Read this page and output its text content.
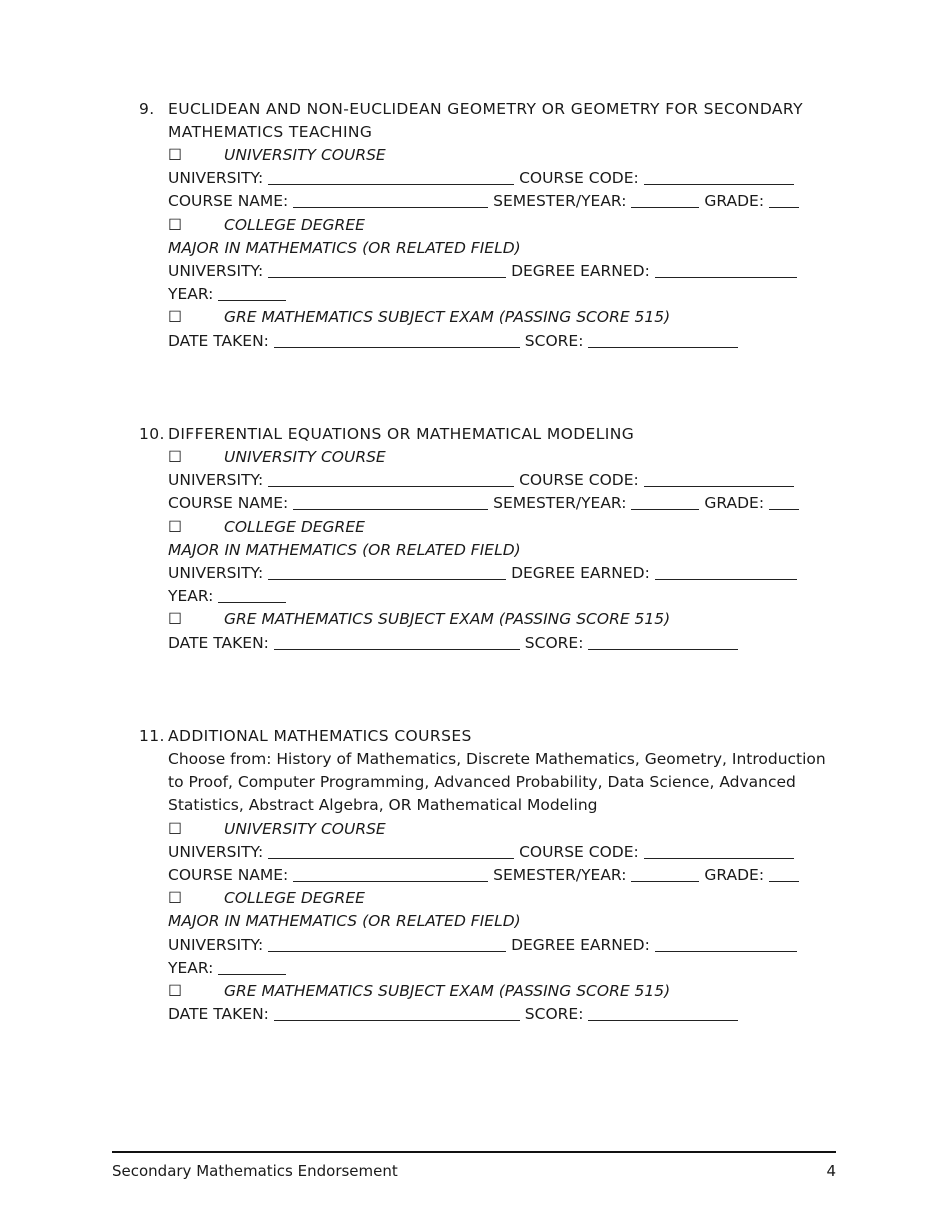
9. EUCLIDEAN AND NON-EUCLIDEAN GEOMETRY OR GEOMETRY FOR SECONDARY MATHEMATICS TEACHING
☐	UNIVERSITY COURSE
UNIVERSITY:	COURSE CODE:
COURSE NAME:	SEMESTER/YEAR:	GRADE:
☐	COLLEGE DEGREE
MAJOR IN MATHEMATICS (OR RELATED FIELD)
UNIVERSITY:	DEGREE EARNED:
YEAR:
☐	GRE MATHEMATICS SUBJECT EXAM (PASSING SCORE 515)
DATE TAKEN:	SCORE:
10. DIFFERENTIAL EQUATIONS OR MATHEMATICAL MODELING
☐	UNIVERSITY COURSE
UNIVERSITY:	COURSE CODE:
COURSE NAME:	SEMESTER/YEAR:	GRADE:
☐	COLLEGE DEGREE
MAJOR IN MATHEMATICS (OR RELATED FIELD)
UNIVERSITY:	DEGREE EARNED:
YEAR:
☐	GRE MATHEMATICS SUBJECT EXAM (PASSING SCORE 515)
DATE TAKEN:	SCORE:
11. ADDITIONAL MATHEMATICS COURSES
Choose from: History of Mathematics, Discrete Mathematics, Geometry, Introduction to Proof, Computer Programming, Advanced Probability, Data Science, Advanced Statistics, Abstract Algebra, OR Mathematical Modeling
☐	UNIVERSITY COURSE
UNIVERSITY:	COURSE CODE:
COURSE NAME:	SEMESTER/YEAR:	GRADE:
☐	COLLEGE DEGREE
MAJOR IN MATHEMATICS (OR RELATED FIELD)
UNIVERSITY:	DEGREE EARNED:
YEAR:
☐	GRE MATHEMATICS SUBJECT EXAM (PASSING SCORE 515)
DATE TAKEN:	SCORE:
Secondary Mathematics Endorsement	4
